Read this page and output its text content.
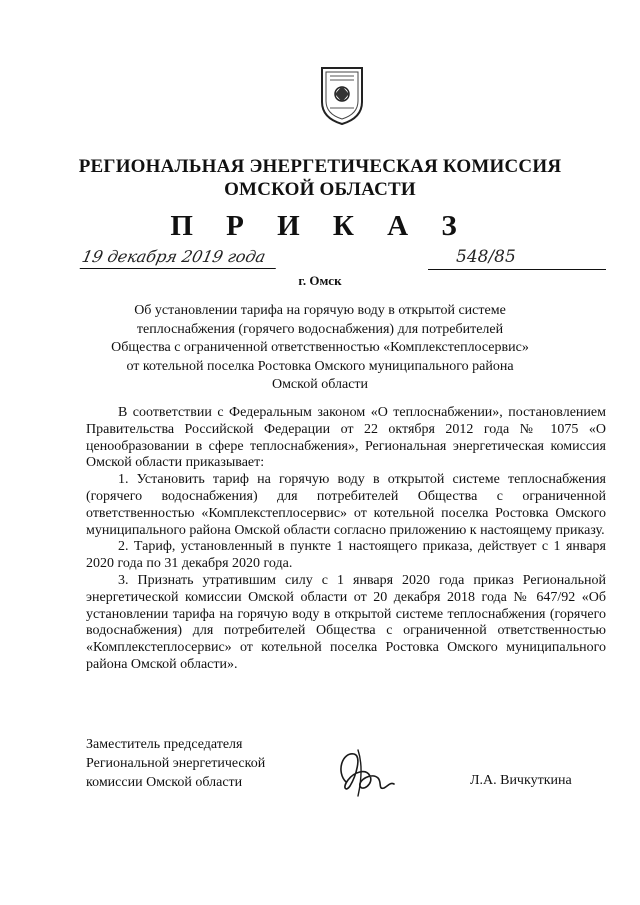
РЕГИОНАЛЬНАЯ ЭНЕРГЕТИЧЕСКАЯ КОМИССИЯ
ОМСКОЙ ОБЛАСТИ
П Р И К А З
19 декабря 2019 года	548/85
г. Омск
Об установлении тарифа на горячую воду в открытой системе
теплоснабжения (горячего водоснабжения) для потребителей
Общества с ограниченной ответственностью «Комплекстеплосервис»
от котельной поселка Ростовка Омского муниципального района
Омской области

В соответствии с Федеральным законом «О теплоснабжении», постановлением Правительства Российской Федерации от 22 октября 2012 года № 1075 «О ценообразовании в сфере теплоснабжения», Региональная энергетическая комиссия Омской области приказывает:

1. Установить тариф на горячую воду в открытой системе теплоснабжения (горячего водоснабжения) для потребителей Общества с ограниченной ответственностью «Комплекстеплосервис» от котельной поселка Ростовка Омского муниципального района Омской области согласно приложению к настоящему приказу.

2. Тариф, установленный в пункте 1 настоящего приказа, действует с 1 января 2020 года по 31 декабря 2020 года.

3. Признать утратившим силу с 1 января 2020 года приказ Региональной энергетической комиссии Омской области от 20 декабря 2018 года № 647/92 «Об установлении тарифа на горячую воду в открытой системе теплоснабжения (горячего водоснабжения) для потребителей Общества с ограниченной ответственностью «Комплекстеплосервис» от котельной поселка Ростовка Омского муниципального района Омской области».

Заместитель председателя
Региональной энергетической
комиссии Омской области	Л.А. Вичкуткина
